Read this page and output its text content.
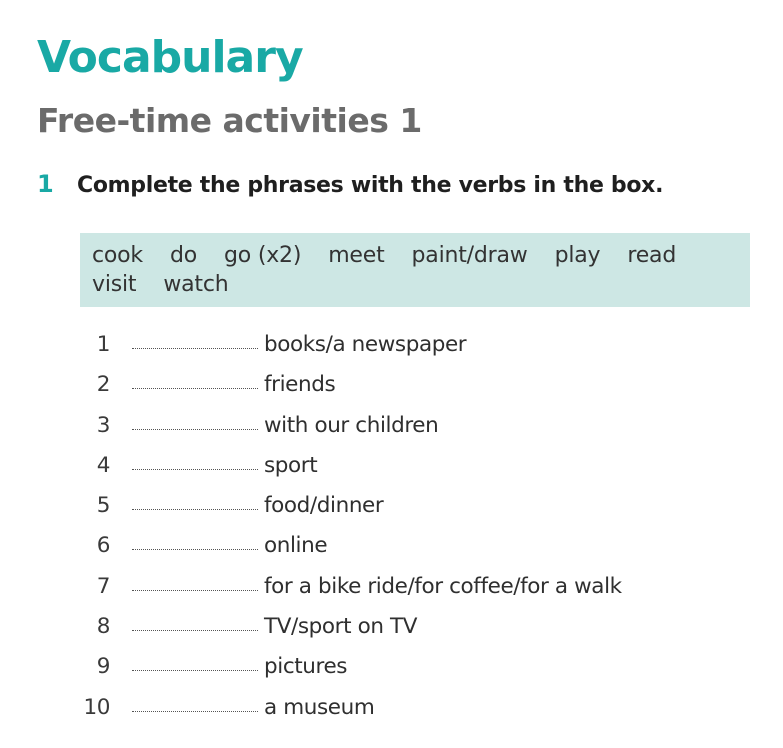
Vocabulary
Free-time activities 1
1	Complete the phrases with the verbs in the box.
cook do go (x2) meet paint/draw play read
visit watch
1	books/a newspaper
2	friends
3	with our children
4	sport
5	food/dinner
6	online
7	for a bike ride/for coffee/for a walk
8	TV/sport on TV
9	pictures
10	a museum
